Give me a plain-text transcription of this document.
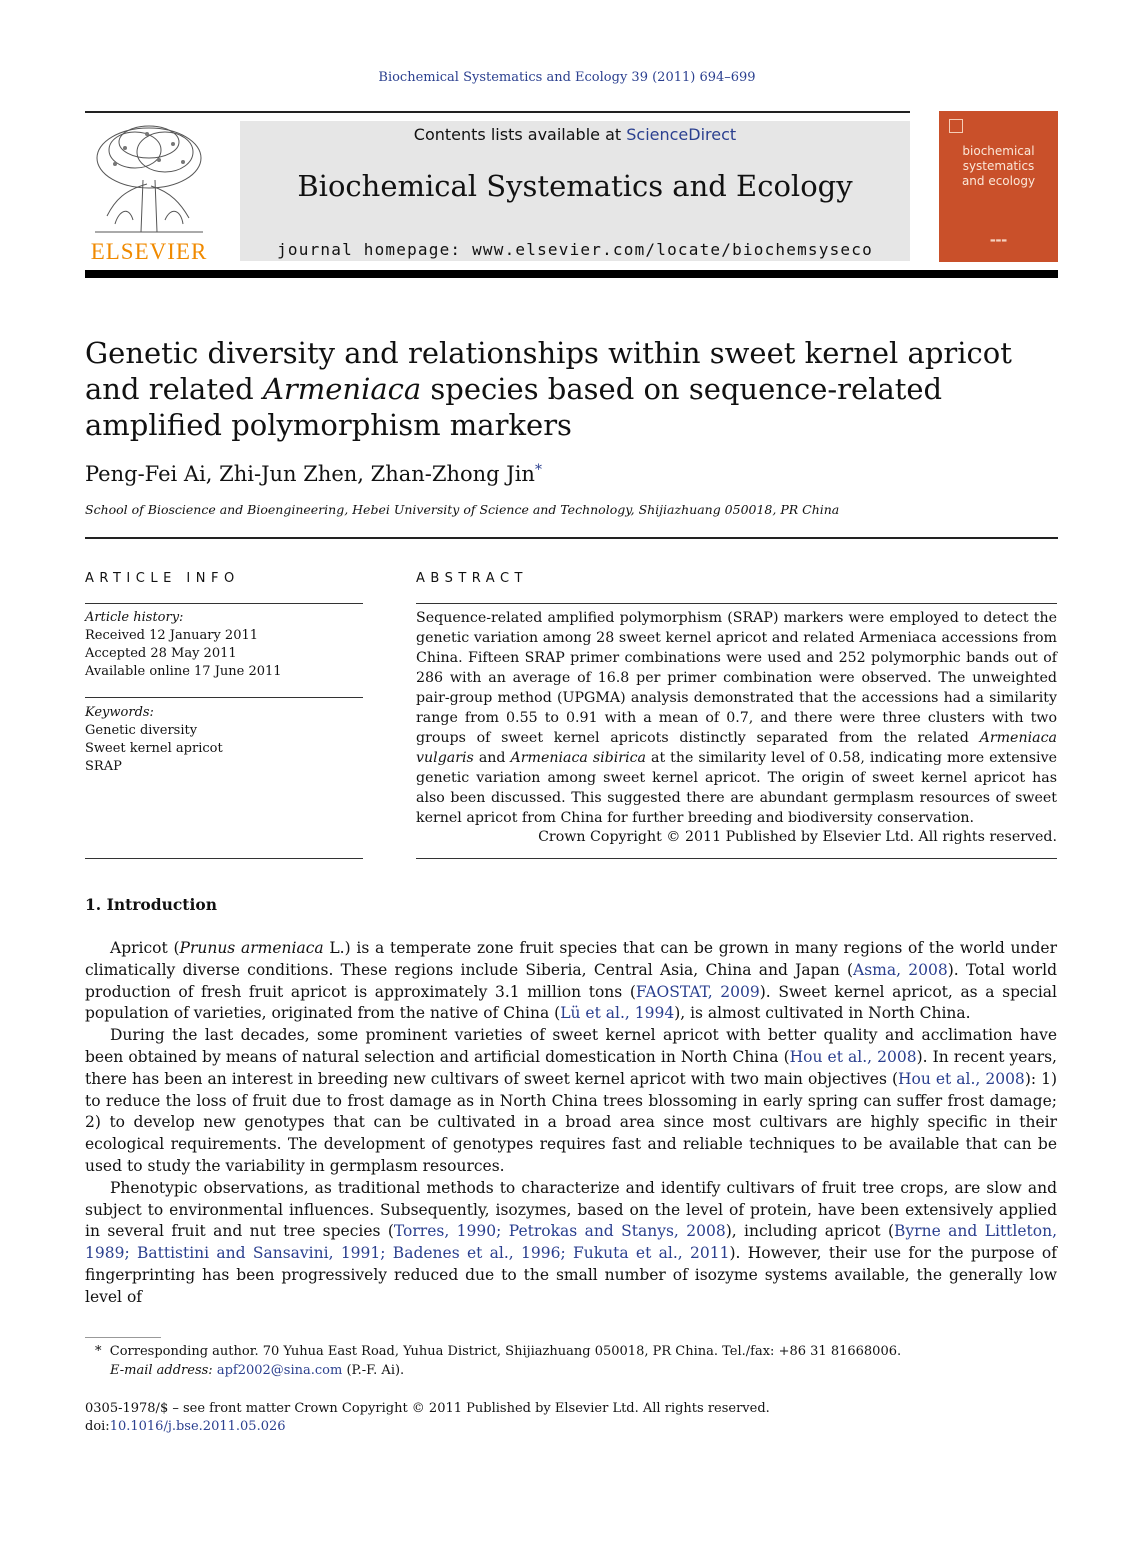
Biochemical Systematics and Ecology 39 (2011) 694–699
ELSEVIER
Contents lists available at ScienceDirect
Biochemical Systematics and Ecology
journal homepage: www.elsevier.com/locate/biochemsyseco
biochemical
systematics
and ecology
▬▬▬
Genetic diversity and relationships within sweet kernel apricot and related Armeniaca species based on sequence-related amplified polymorphism markers
Peng-Fei Ai, Zhi-Jun Zhen, Zhan-Zhong Jin*
School of Bioscience and Bioengineering, Hebei University of Science and Technology, Shijiazhuang 050018, PR China
ARTICLE INFO
Article history:
Received 12 January 2011
Accepted 28 May 2011
Available online 17 June 2011
Keywords:
Genetic diversity
Sweet kernel apricot
SRAP
ABSTRACT

Sequence-related amplified polymorphism (SRAP) markers were employed to detect the genetic variation among 28 sweet kernel apricot and related Armeniaca accessions from China. Fifteen SRAP primer combinations were used and 252 polymorphic bands out of 286 with an average of 16.8 per primer combination were observed. The unweighted pair-group method (UPGMA) analysis demonstrated that the accessions had a similarity range from 0.55 to 0.91 with a mean of 0.7, and there were three clusters with two groups of sweet kernel apricots distinctly separated from the related Armeniaca vulgaris and Armeniaca sibirica at the similarity level of 0.58, indicating more extensive genetic variation among sweet kernel apricot. The origin of sweet kernel apricot has also been discussed. This suggested there are abundant germplasm resources of sweet kernel apricot from China for further breeding and biodiversity conservation.

Crown Copyright © 2011 Published by Elsevier Ltd. All rights reserved.
1. Introduction

Apricot (Prunus armeniaca L.) is a temperate zone fruit species that can be grown in many regions of the world under climatically diverse conditions. These regions include Siberia, Central Asia, China and Japan (Asma, 2008). Total world production of fresh fruit apricot is approximately 3.1 million tons (FAOSTAT, 2009). Sweet kernel apricot, as a special population of varieties, originated from the native of China (Lü et al., 1994), is almost cultivated in North China.

During the last decades, some prominent varieties of sweet kernel apricot with better quality and acclimation have been obtained by means of natural selection and artificial domestication in North China (Hou et al., 2008). In recent years, there has been an interest in breeding new cultivars of sweet kernel apricot with two main objectives (Hou et al., 2008): 1) to reduce the loss of fruit due to frost damage as in North China trees blossoming in early spring can suffer frost damage; 2) to develop new genotypes that can be cultivated in a broad area since most cultivars are highly specific in their ecological requirements. The development of genotypes requires fast and reliable techniques to be available that can be used to study the variability in germplasm resources.

Phenotypic observations, as traditional methods to characterize and identify cultivars of fruit tree crops, are slow and subject to environmental influences. Subsequently, isozymes, based on the level of protein, have been extensively applied in several fruit and nut tree species (Torres, 1990; Petrokas and Stanys, 2008), including apricot (Byrne and Littleton, 1989; Battistini and Sansavini, 1991; Badenes et al., 1996; Fukuta et al., 2011). However, their use for the purpose of fingerprinting has been progressively reduced due to the small number of isozyme systems available, the generally low level of

* Corresponding author. 70 Yuhua East Road, Yuhua District, Shijiazhuang 050018, PR China. Tel./fax: +86 31 81668006.
E-mail address: apf2002@sina.com (P.-F. Ai).
0305-1978/$ – see front matter Crown Copyright © 2011 Published by Elsevier Ltd. All rights reserved.
doi:10.1016/j.bse.2011.05.026
